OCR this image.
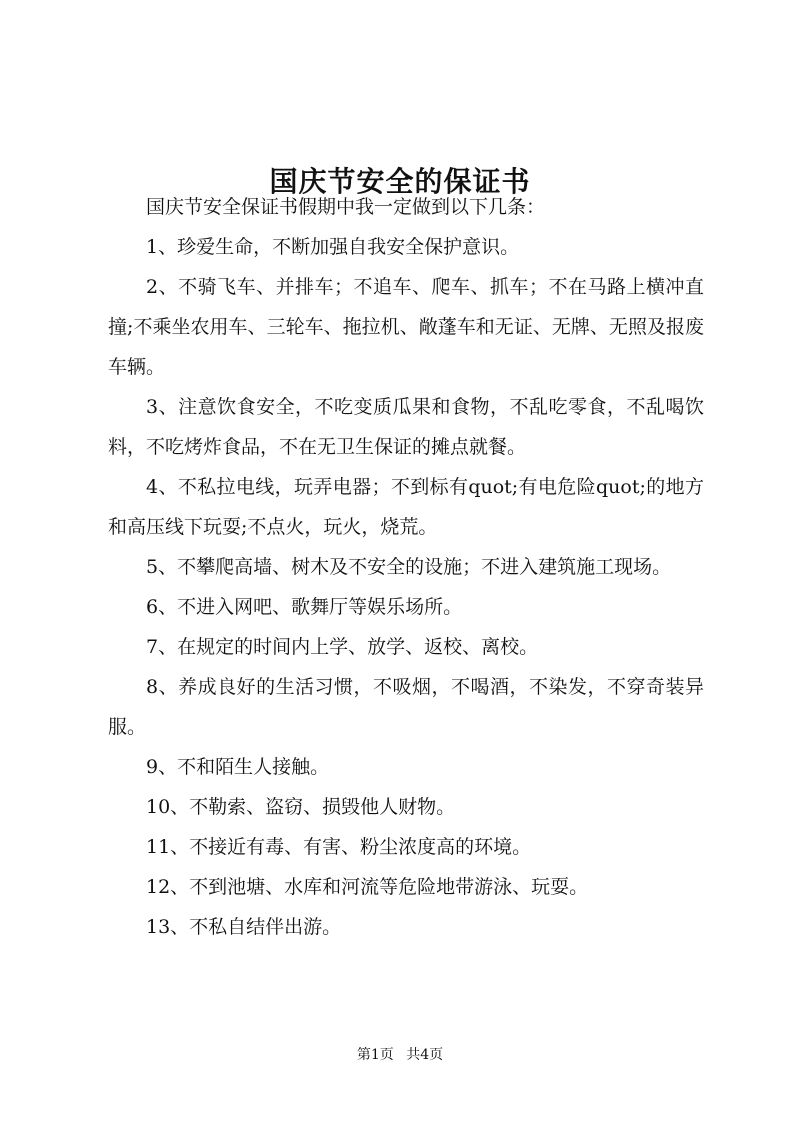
国庆节安全的保证书

国庆节安全保证书假期中我一定做到以下几条：

1、珍爱生命，不断加强自我安全保护意识。

2、不骑飞车、并排车；不追车、爬车、抓车；不在马路上横冲直撞;不乘坐农用车、三轮车、拖拉机、敞蓬车和无证、无牌、无照及报废车辆。

3、注意饮食安全，不吃变质瓜果和食物，不乱吃零食，不乱喝饮料，不吃烤炸食品，不在无卫生保证的摊点就餐。

4、不私拉电线，玩弄电器；不到标有quot;有电危险quot;的地方和高压线下玩耍;不点火，玩火，烧荒。

5、不攀爬高墙、树木及不安全的设施；不进入建筑施工现场。

6、不进入网吧、歌舞厅等娱乐场所。

7、在规定的时间内上学、放学、返校、离校。

8、养成良好的生活习惯，不吸烟，不喝酒，不染发，不穿奇装异服。

9、不和陌生人接触。

10、不勒索、盗窃、损毁他人财物。

11、不接近有毒、有害、粉尘浓度高的环境。

12、不到池塘、水库和河流等危险地带游泳、玩耍。

13、不私自结伴出游。

第1页 共4页
